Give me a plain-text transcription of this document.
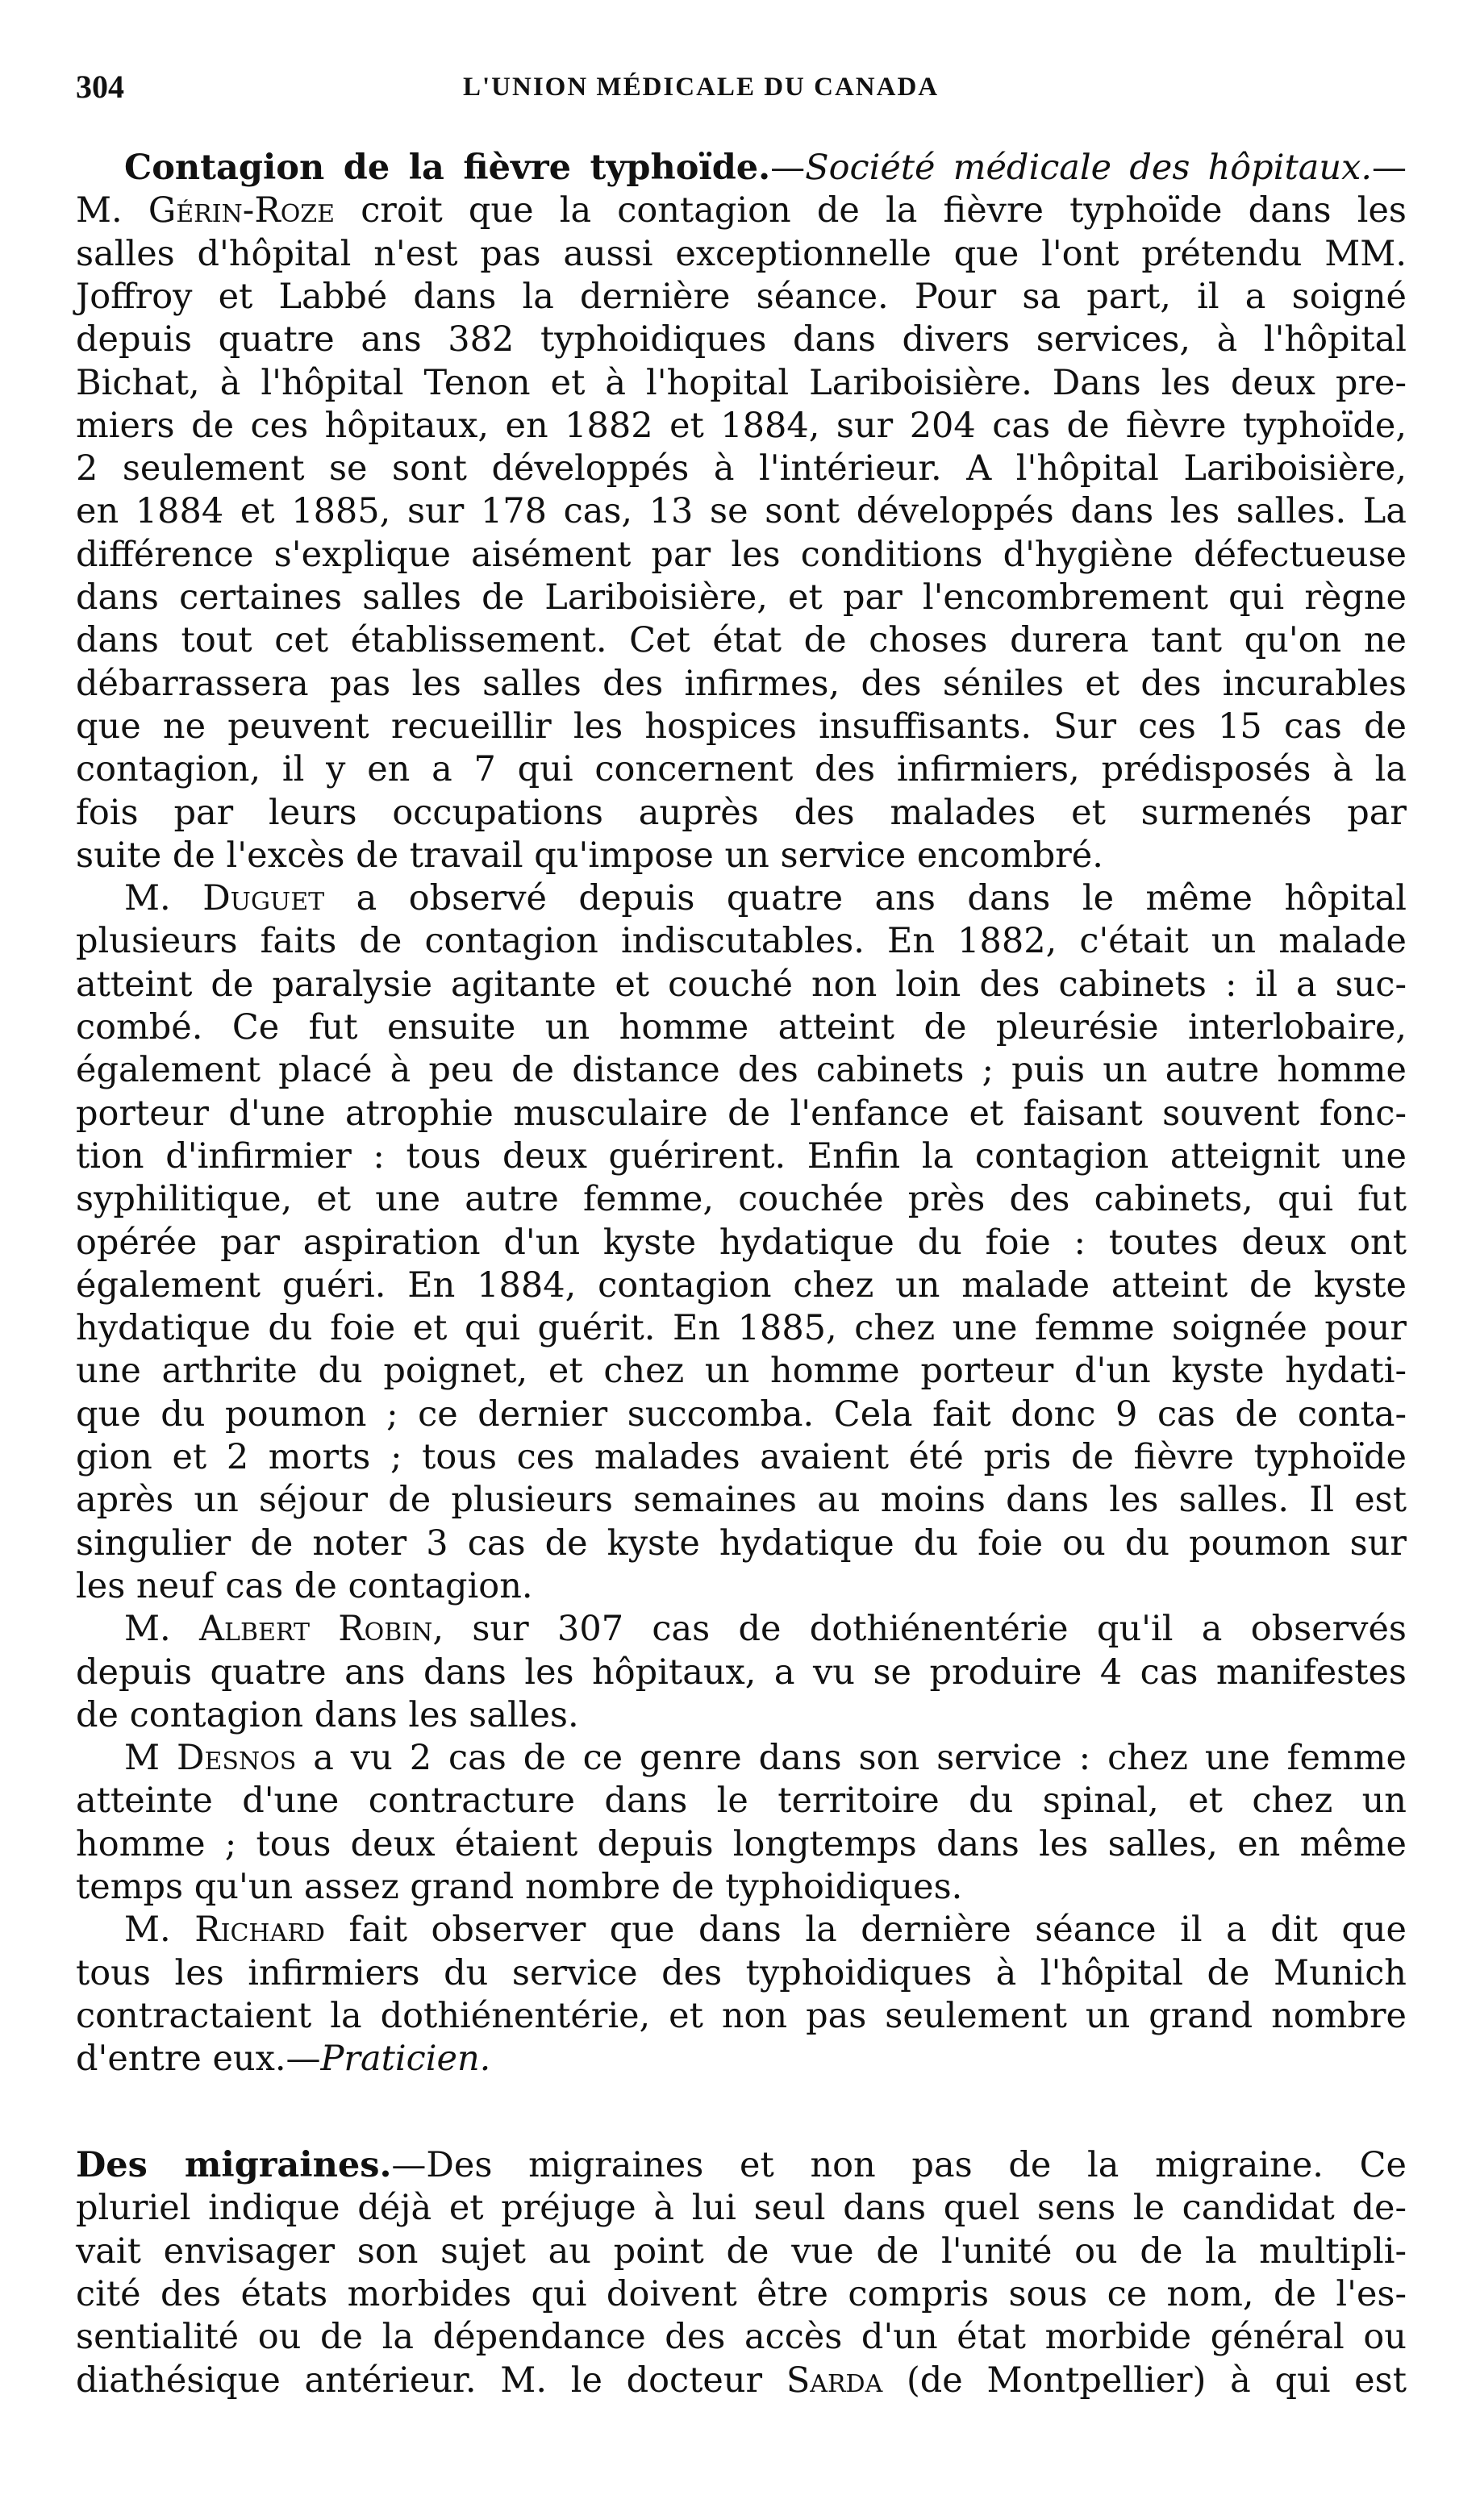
304	L'UNION MÉDICALE DU CANADA
Contagion de la fièvre typhoïde.—Société médicale des hôpitaux.—
M. Gérin-Roze croit que la contagion de la fièvre typhoïde dans les
salles d'hôpital n'est pas aussi exceptionnelle que l'ont prétendu MM.
Joffroy et Labbé dans la dernière séance. Pour sa part, il a soigné
depuis quatre ans 382 typhoidiques dans divers services, à l'hôpital
Bichat, à l'hôpital Tenon et à l'hopital Lariboisière. Dans les deux pre-
miers de ces hôpitaux, en 1882 et 1884, sur 204 cas de fièvre typhoïde,
2 seulement se sont développés à l'intérieur. A l'hôpital Lariboisière,
en 1884 et 1885, sur 178 cas, 13 se sont développés dans les salles. La
différence s'explique aisément par les conditions d'hygiène défectueuse
dans certaines salles de Lariboisière, et par l'encombrement qui règne
dans tout cet établissement. Cet état de choses durera tant qu'on ne
débarrassera pas les salles des infirmes, des séniles et des incurables
que ne peuvent recueillir les hospices insuffisants. Sur ces 15 cas de
contagion, il y en a 7 qui concernent des infirmiers, prédisposés à la
fois par leurs occupations auprès des malades et surmenés par
suite de l'excès de travail qu'impose un service encombré.
M. Duguet a observé depuis quatre ans dans le même hôpital
plusieurs faits de contagion indiscutables. En 1882, c'était un malade
atteint de paralysie agitante et couché non loin des cabinets : il a suc-
combé. Ce fut ensuite un homme atteint de pleurésie interlobaire,
également placé à peu de distance des cabinets ; puis un autre homme
porteur d'une atrophie musculaire de l'enfance et faisant souvent fonc-
tion d'infirmier : tous deux guérirent. Enfin la contagion atteignit une
syphilitique, et une autre femme, couchée près des cabinets, qui fut
opérée par aspiration d'un kyste hydatique du foie : toutes deux ont
également guéri. En 1884, contagion chez un malade atteint de kyste
hydatique du foie et qui guérit. En 1885, chez une femme soignée pour
une arthrite du poignet, et chez un homme porteur d'un kyste hydati-
que du poumon ; ce dernier succomba. Cela fait donc 9 cas de conta-
gion et 2 morts ; tous ces malades avaient été pris de fièvre typhoïde
après un séjour de plusieurs semaines au moins dans les salles. Il est
singulier de noter 3 cas de kyste hydatique du foie ou du poumon sur
les neuf cas de contagion.
M. Albert Robin, sur 307 cas de dothiénentérie qu'il a observés
depuis quatre ans dans les hôpitaux, a vu se produire 4 cas manifestes
de contagion dans les salles.
M Desnos a vu 2 cas de ce genre dans son service : chez une femme
atteinte d'une contracture dans le territoire du spinal, et chez un
homme ; tous deux étaient depuis longtemps dans les salles, en même
temps qu'un assez grand nombre de typhoidiques.
M. Richard fait observer que dans la dernière séance il a dit que
tous les infirmiers du service des typhoidiques à l'hôpital de Munich
contractaient la dothiénentérie, et non pas seulement un grand nombre
d'entre eux.—Praticien.
Des migraines.—Des migraines et non pas de la migraine. Ce
pluriel indique déjà et préjuge à lui seul dans quel sens le candidat de-
vait envisager son sujet au point de vue de l'unité ou de la multipli-
cité des états morbides qui doivent être compris sous ce nom, de l'es-
sentialité ou de la dépendance des accès d'un état morbide général ou
diathésique antérieur. M. le docteur Sarda (de Montpellier) à qui est
